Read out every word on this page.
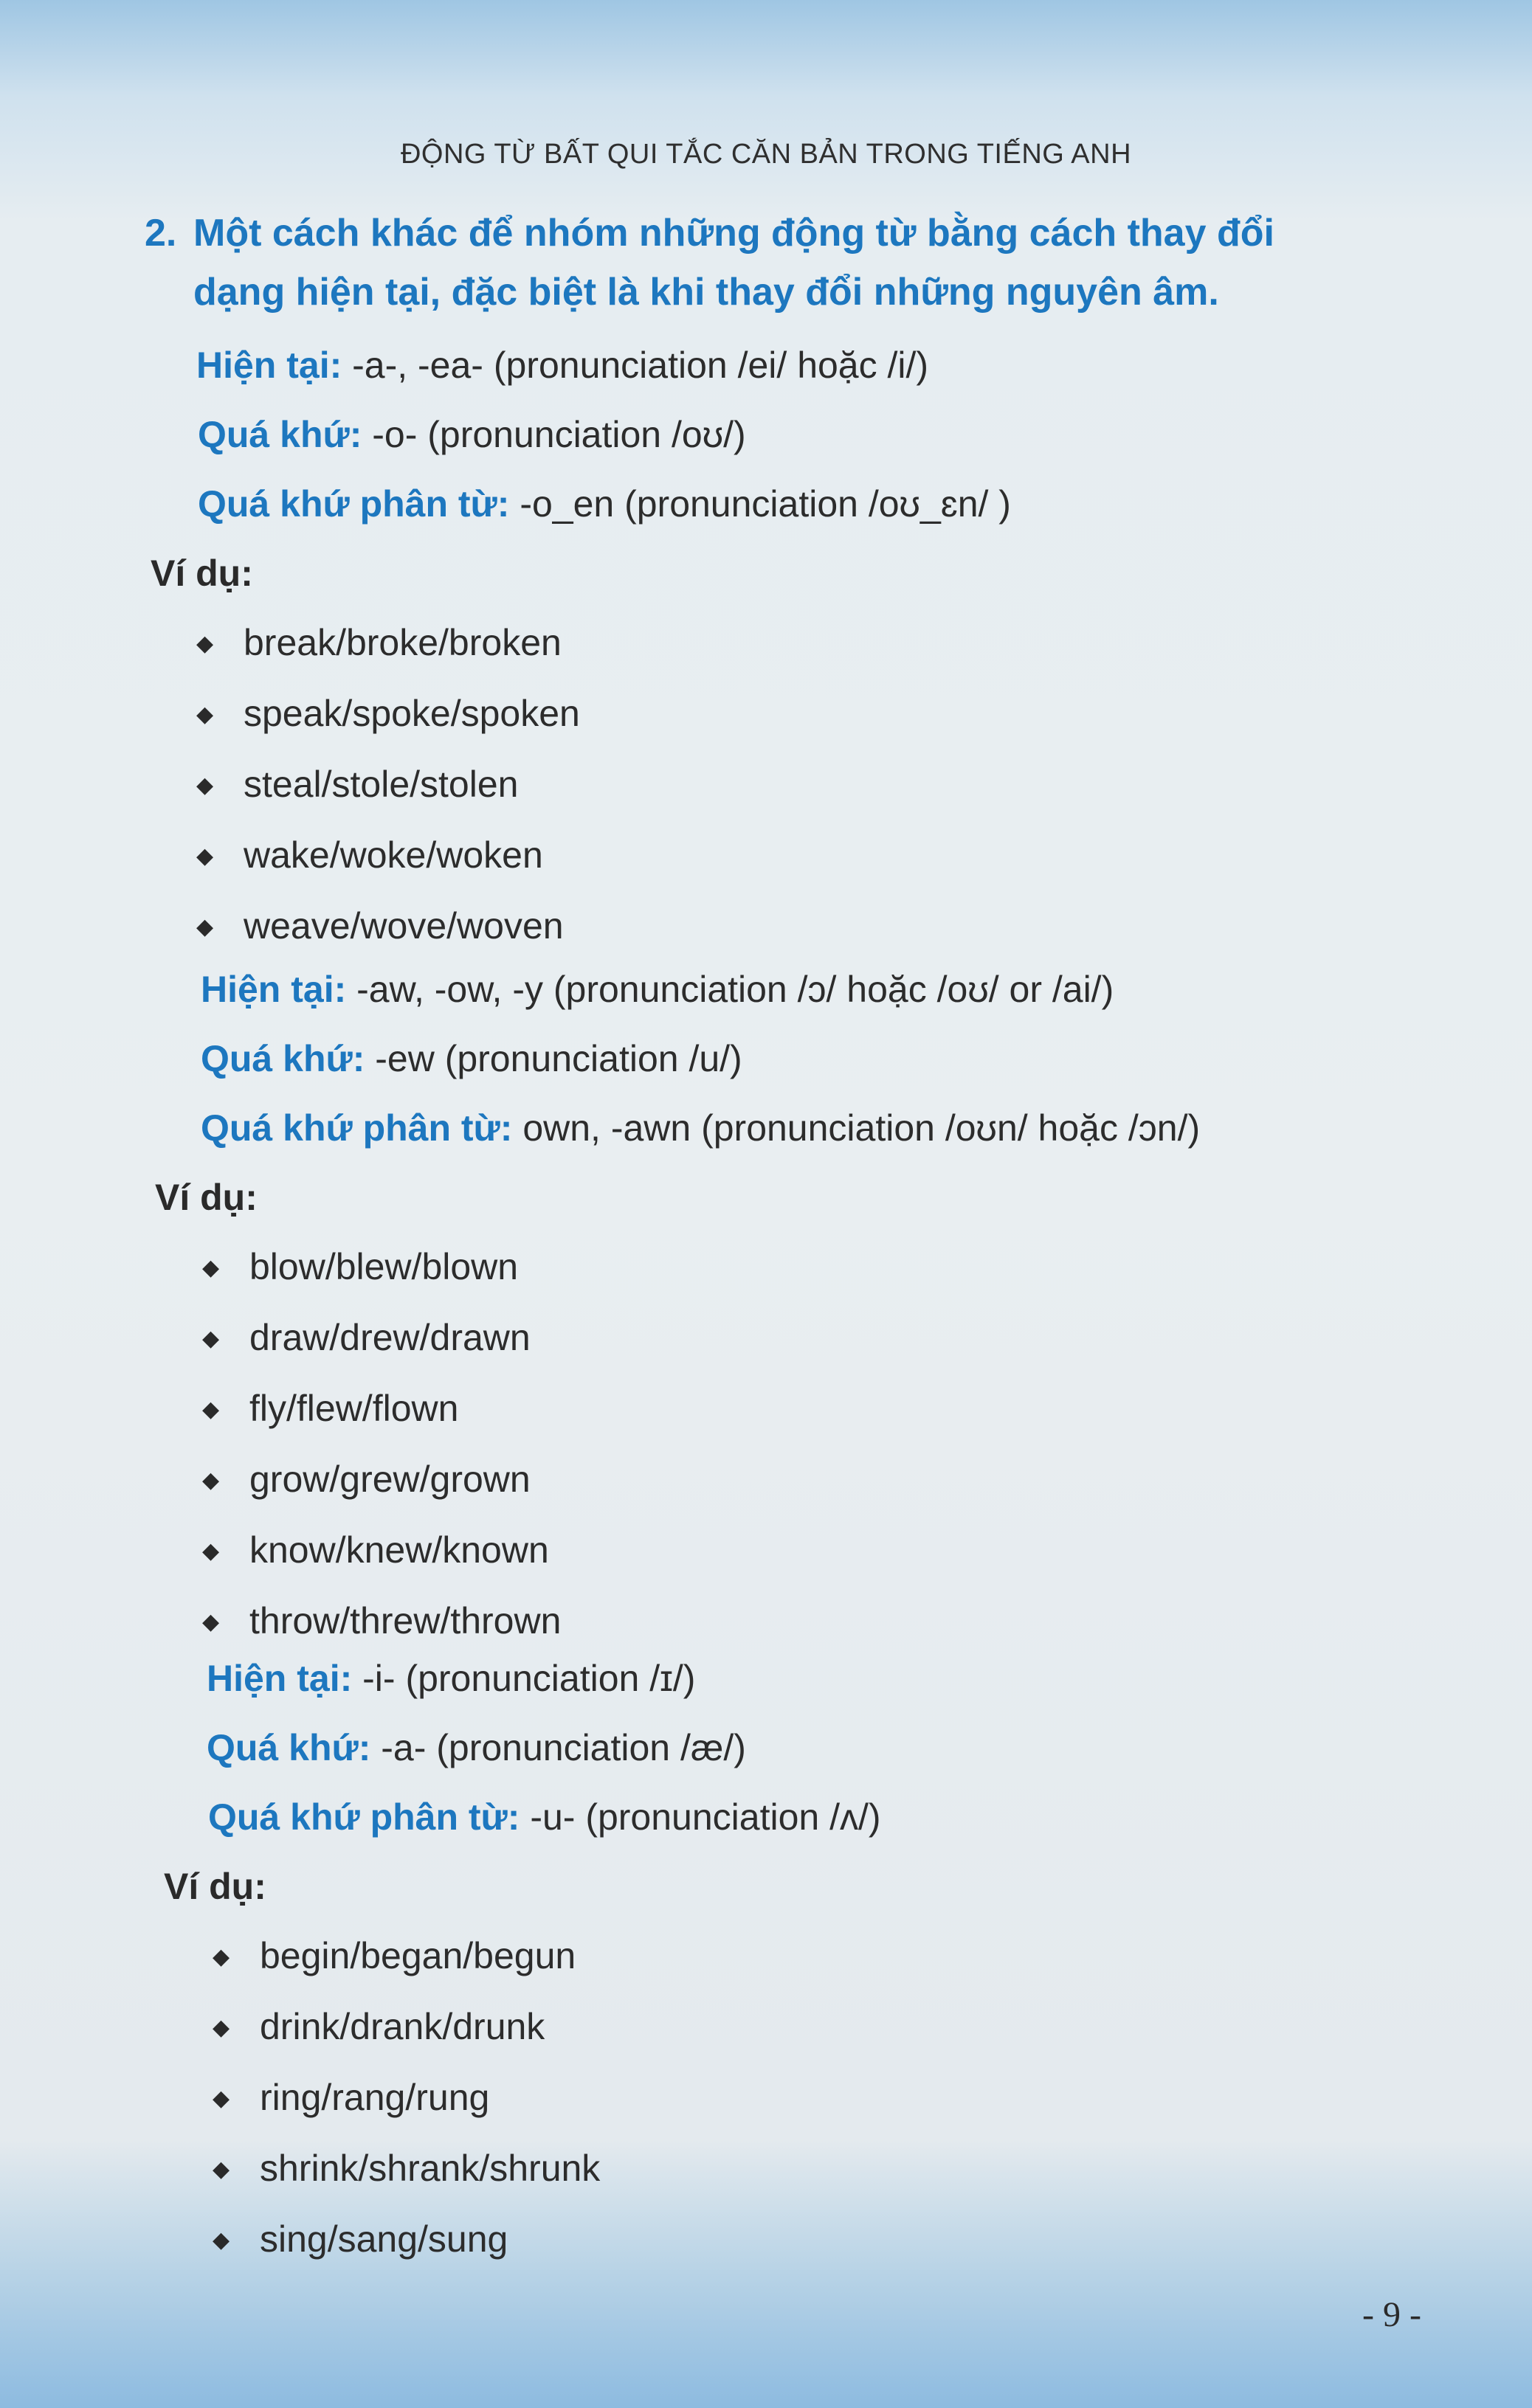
ĐỘNG TỪ BẤT QUI TẮC CĂN BẢN TRONG TIẾNG ANH
2. Một cách khác để nhóm những động từ bằng cách thay đổi
dạng hiện tại, đặc biệt là khi thay đổi những nguyên âm.
Hiện tại: -a-, -ea- (pronunciation /ei/ hoặc /i/)
Quá khứ: -o- (pronunciation /oʊ/)
Quá khứ phân từ: -o_en (pronunciation /oʊ_ɛn/ )
Ví dụ:
◆ break/broke/broken
◆ speak/spoke/spoken
◆ steal/stole/stolen
◆ wake/woke/woken
◆ weave/wove/woven
Hiện tại: -aw, -ow, -y (pronunciation /ɔ/ hoặc /oʊ/ or /ai/)
Quá khứ: -ew (pronunciation /u/)
Quá khứ phân từ: own, -awn (pronunciation /oʊn/ hoặc /ɔn/)
Ví dụ:
◆ blow/blew/blown
◆ draw/drew/drawn
◆ fly/flew/flown
◆ grow/grew/grown
◆ know/knew/known
◆ throw/threw/thrown
Hiện tại: -i- (pronunciation /ɪ/)
Quá khứ: -a- (pronunciation /æ/)
Quá khứ phân từ: -u- (pronunciation /ʌ/)
Ví dụ:
◆ begin/began/begun
◆ drink/drank/drunk
◆ ring/rang/rung
◆ shrink/shrank/shrunk
◆ sing/sang/sung
- 9 -
